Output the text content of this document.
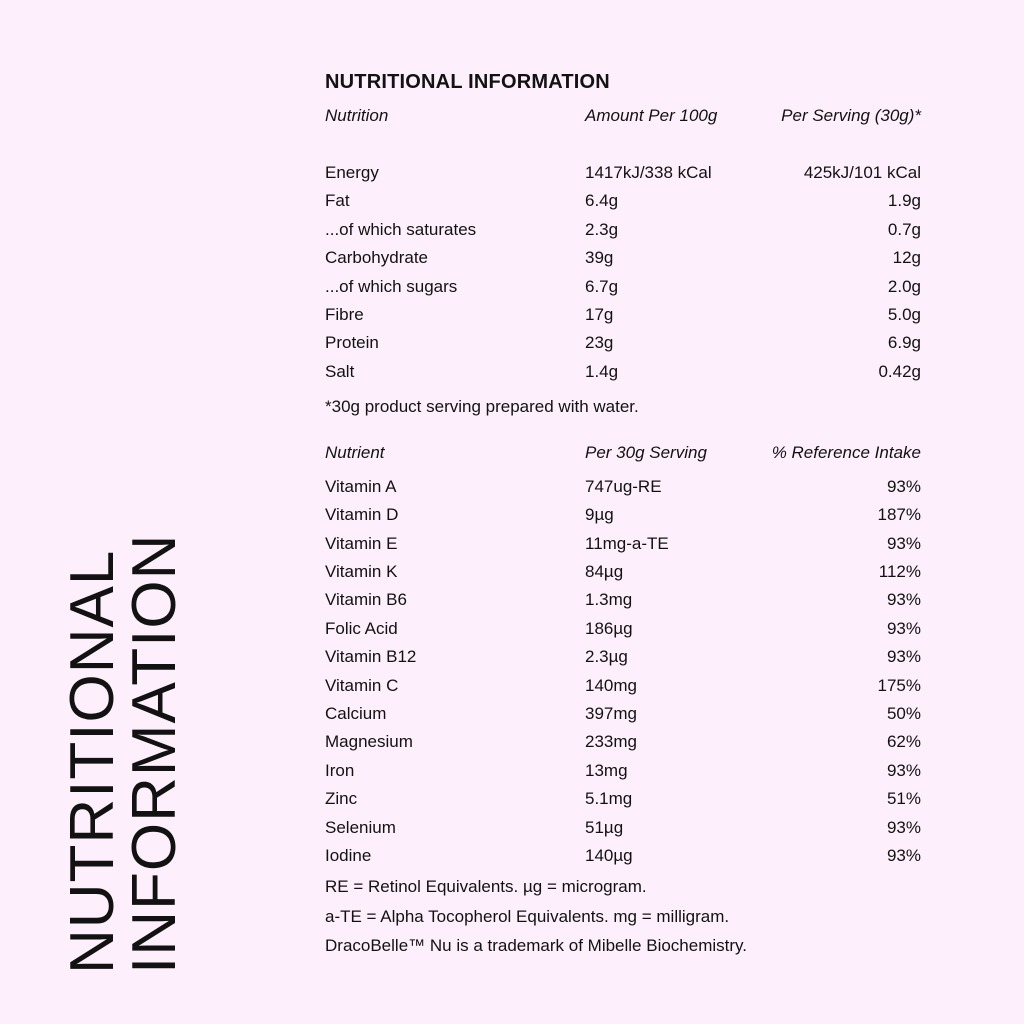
NUTRITIONAL
INFORMATION
NUTRITIONAL INFORMATION
Nutrition	Amount Per 100g	Per Serving (30g)*
Energy	1417kJ/338 kCal	425kJ/101 kCal
Fat	6.4g	1.9g
...of which saturates	2.3g	0.7g
Carbohydrate	39g	12g
...of which sugars	6.7g	2.0g
Fibre	17g	5.0g
Protein	23g	6.9g
Salt	1.4g	0.42g
*30g product serving prepared with water.
Nutrient	Per 30g Serving	% Reference Intake
Vitamin A	747ug-RE	93%
Vitamin D	9µg	187%
Vitamin E	11mg-a-TE	93%
Vitamin K	84µg	112%
Vitamin B6	1.3mg	93%
Folic Acid	186µg	93%
Vitamin B12	2.3µg	93%
Vitamin C	140mg	175%
Calcium	397mg	50%
Magnesium	233mg	62%
Iron	13mg	93%
Zinc	5.1mg	51%
Selenium	51µg	93%
Iodine	140µg	93%
RE = Retinol Equivalents. µg = microgram.
a-TE = Alpha Tocopherol Equivalents. mg = milligram.
DracoBelle™ Nu is a trademark of Mibelle Biochemistry.
